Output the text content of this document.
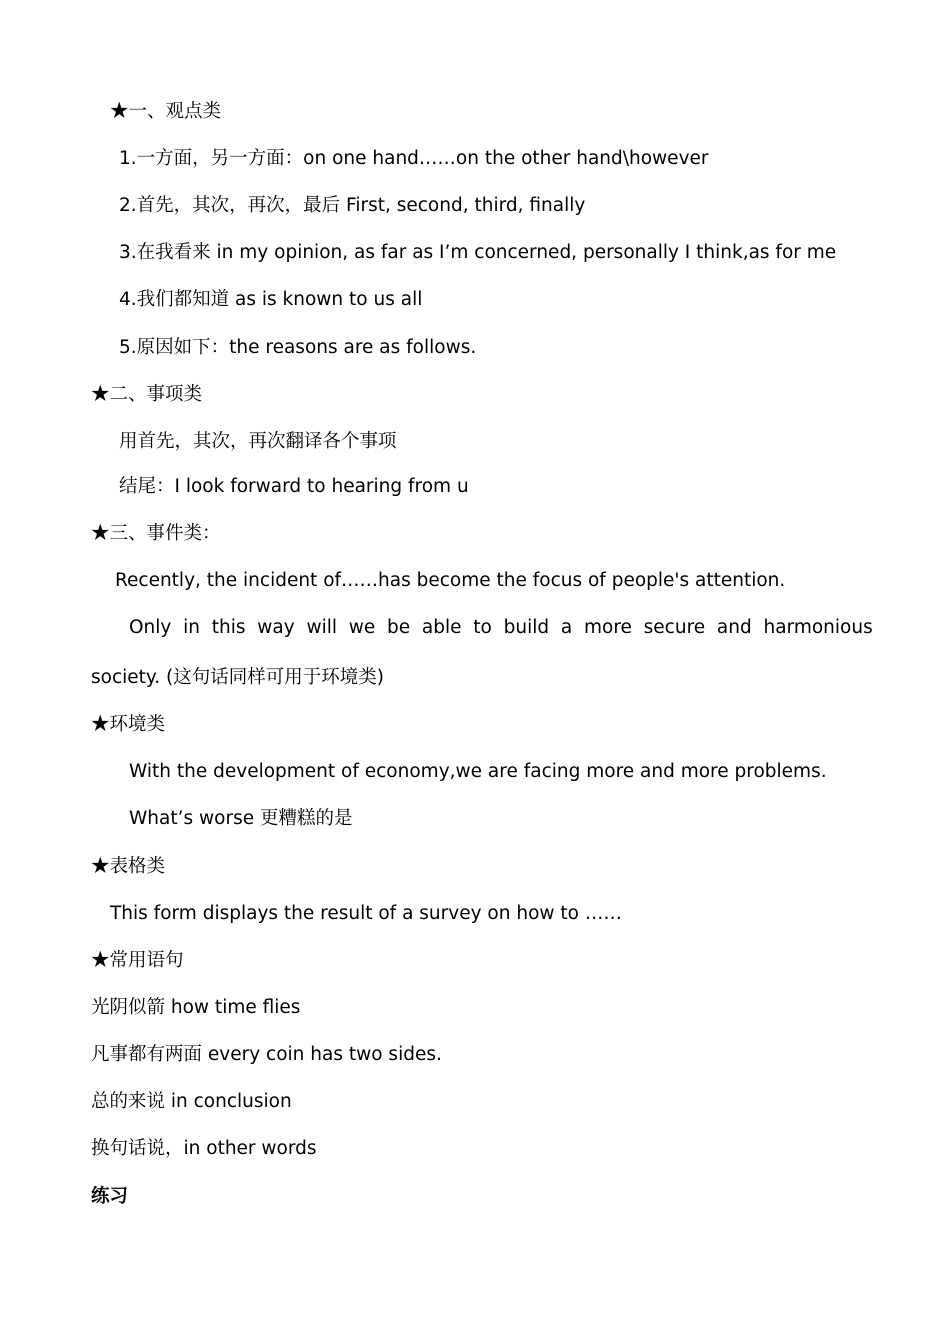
★一、观点类
1.一方面，另一方面：on one hand……on the other hand\however
2.首先，其次，再次，最后 First, second, third, finally
3.在我看来 in my opinion, as far as I’m concerned, personally I think,as for me
4.我们都知道 as is known to us all
5.原因如下：the reasons are as follows.
★二、事项类
用首先，其次，再次翻译各个事项
结尾：I look forward to hearing from u
★三、事件类：
Recently, the incident of……has become the focus of people's attention.
Only  in  this  way  will  we  be  able  to  build  a  more  secure  and  harmonious
society. (这句话同样可用于环境类)
★环境类
With the development of economy,we are facing more and more problems.
What’s worse 更糟糕的是
★表格类
This form displays the result of a survey on how to ……
★常用语句
光阴似箭 how time flies
凡事都有两面 every coin has two sides.
总的来说 in conclusion
换句话说，in other words
练习
